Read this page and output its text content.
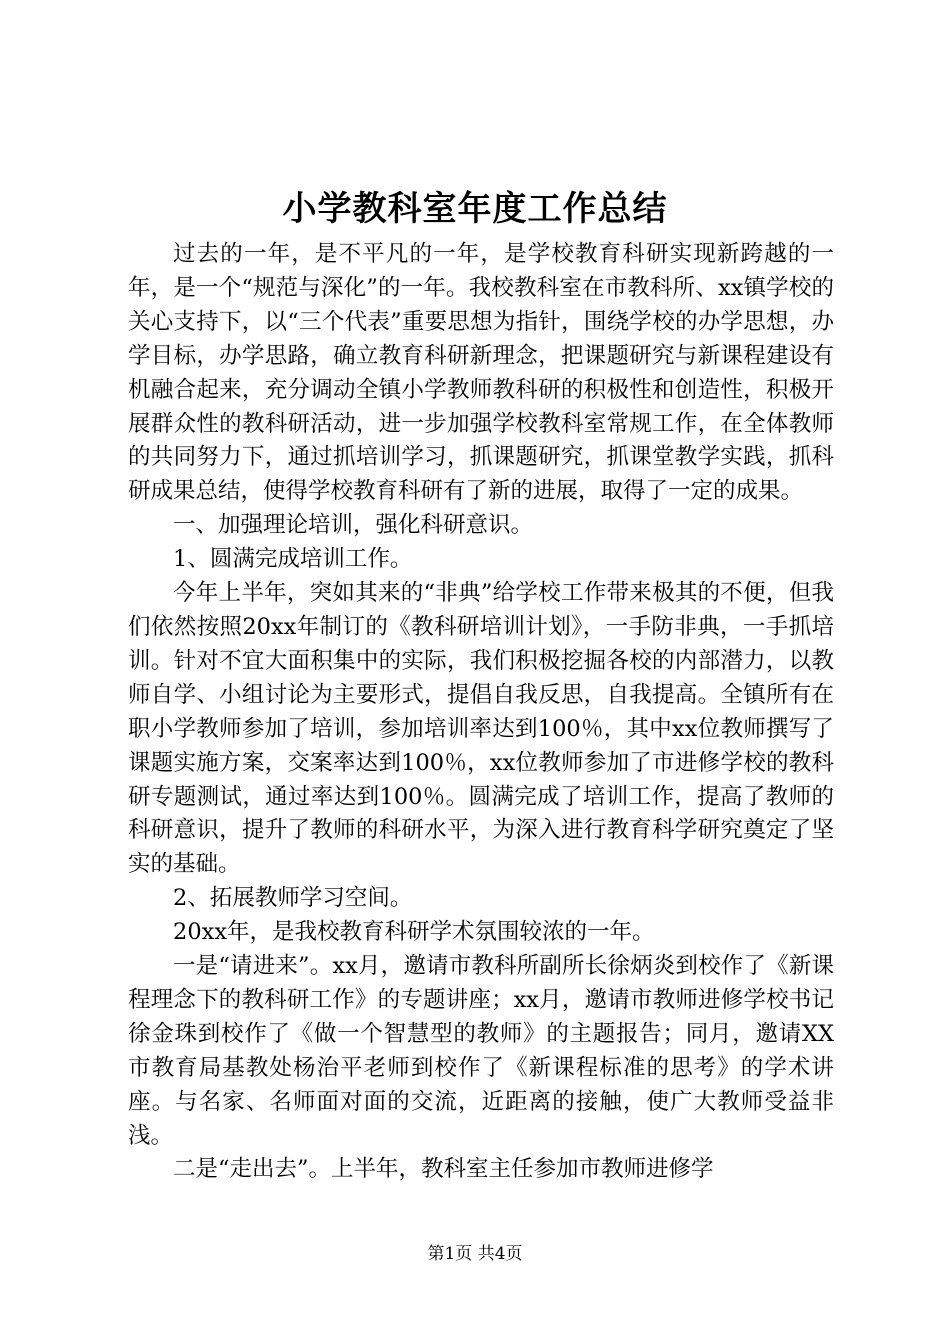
小学教科室年度工作总结

过去的一年，是不平凡的一年，是学校教育科研实现新跨越的一年，是一个“规范与深化”的一年。我校教科室在市教科所、xx镇学校的关心支持下，以“三个代表”重要思想为指针，围绕学校的办学思想，办学目标，办学思路，确立教育科研新理念，把课题研究与新课程建设有机融合起来，充分调动全镇小学教师教科研的积极性和创造性，积极开展群众性的教科研活动，进一步加强学校教科室常规工作，在全体教师的共同努力下，通过抓培训学习，抓课题研究，抓课堂教学实践，抓科研成果总结，使得学校教育科研有了新的进展，取得了一定的成果。

一、加强理论培训，强化科研意识。

1、圆满完成培训工作。

今年上半年，突如其来的“非典”给学校工作带来极其的不便，但我们依然按照20xx年制订的《教科研培训计划》，一手防非典，一手抓培训。针对不宜大面积集中的实际，我们积极挖掘各校的内部潜力，以教师自学、小组讨论为主要形式，提倡自我反思，自我提高。全镇所有在职小学教师参加了培训，参加培训率达到100％，其中xx位教师撰写了课题实施方案，交案率达到100％，xx位教师参加了市进修学校的教科研专题测试，通过率达到100％。圆满完成了培训工作，提高了教师的科研意识，提升了教师的科研水平，为深入进行教育科学研究奠定了坚实的基础。

2、拓展教师学习空间。

20xx年，是我校教育科研学术氛围较浓的一年。

一是“请进来”。xx月，邀请市教科所副所长徐炳炎到校作了《新课程理念下的教科研工作》的专题讲座；xx月，邀请市教师进修学校书记徐金珠到校作了《做一个智慧型的教师》的主题报告；同月，邀请XX市教育局基教处杨治平老师到校作了《新课程标准的思考》的学术讲座。与名家、名师面对面的交流，近距离的接触，使广大教师受益非浅。

二是“走出去”。上半年，教科室主任参加市教师进修学

第1页 共4页
